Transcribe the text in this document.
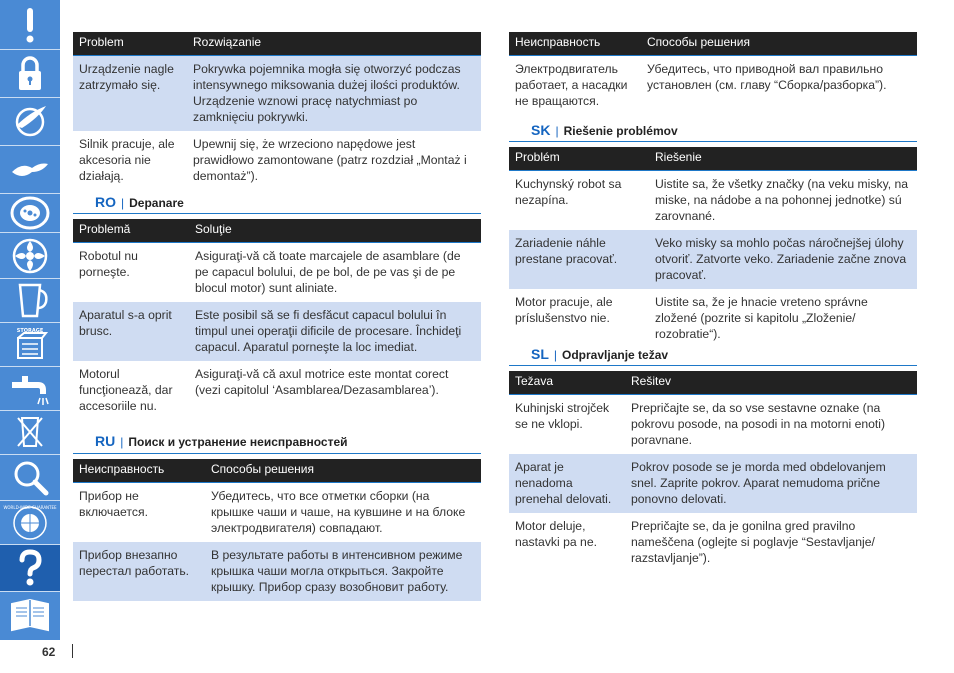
STORAGE
WORLD-WIDE GUARANTEE
Problem	Rozwiązanie
Urządzenie nagle zatrzymało się.	Pokrywka pojemnika mogła się otworzyć podczas intensywnego miksowania dużej ilości produktów. Urządzenie wznowi pracę natychmiast po zamknięciu pokrywki.
Silnik pracuje, ale akcesoria nie działają.	Upewnij się, że wrzeciono napędowe jest prawidłowo zamontowane (patrz rozdział „Montaż i demontaż”).
RO | Depanare
Problemă	Soluţie
Robotul nu porneşte.	Asiguraţi-vă că toate marcajele de asamblare (de pe capacul bolului, de pe bol, de pe vas şi de pe blocul motor) sunt aliniate.
Aparatul s-a oprit brusc.	Este posibil să se fi desfăcut capacul bolului în timpul unei operaţii dificile de procesare. Închideţi capacul. Aparatul porneşte la loc imediat.
Motorul funcţionează, dar accesoriile nu.	Asiguraţi-vă că axul motrice este montat corect (vezi capitolul ‘Asamblarea/Dezasamblarea’).
RU | Поиск и устранение неисправностей
Неисправность	Способы решения
Прибор не включается.	Убедитесь, что все отметки сборки (на крышке чаши и чаше, на кувшине и на блоке электродвигателя) совпадают.
Прибор внезапно перестал работать.	В результате работы в интенсивном режиме крышка чаши могла открыться. Закройте крышку. Прибор сразу возобновит работу.
Неисправность	Способы решения
Электродвигатель работает, а насадки не вращаются.	Убедитесь, что приводной вал правильно установлен (см. главу “Сборка/разборка”).
SK | Riešenie problémov
Problém	Riešenie
Kuchynský robot sa nezapína.	Uistite sa, že všetky značky (na veku misky, na miske, na nádobe a na pohonnej jednotke) sú zarovnané.
Zariadenie náhle prestane pracovať.	Veko misky sa mohlo počas náročnejšej úlohy otvoriť. Zatvorte veko. Zariadenie začne znova pracovať.
Motor pracuje, ale príslušenstvo nie.	Uistite sa, že je hnacie vreteno správne zložené (pozrite si kapitolu „Zloženie/ rozobratie“).
SL | Odpravljanje težav
Težava	Rešitev
Kuhinjski strojček se ne vklopi.	Prepričajte se, da so vse sestavne oznake (na pokrovu posode, na posodi in na motorni enoti) poravnane.
Aparat je nenadoma prenehal delovati.	Pokrov posode se je morda med obdelovanjem snel. Zaprite pokrov. Aparat nemudoma prične ponovno delovati.
Motor deluje, nastavki pa ne.	Prepričajte se, da je gonilna gred pravilno nameščena (oglejte si poglavje “Sestavljanje/ razstavljanje”).
62
